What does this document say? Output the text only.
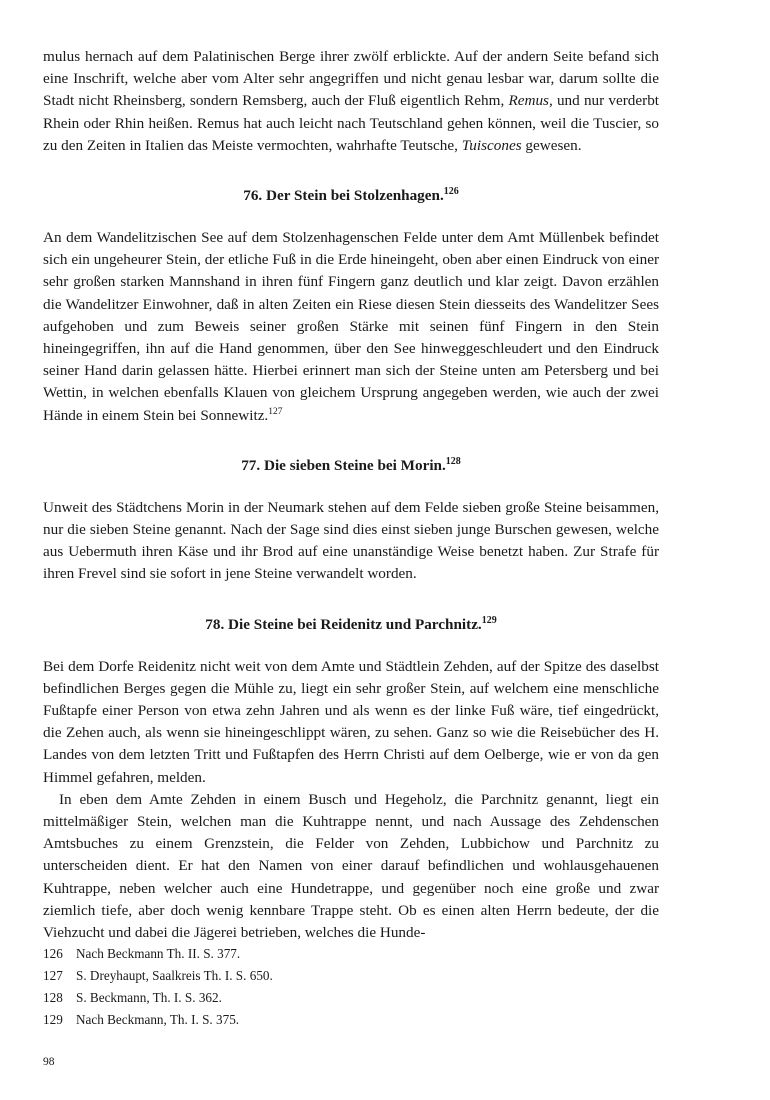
mulus hernach auf dem Palatinischen Berge ihrer zwölf erblickte. Auf der andern Seite befand sich eine Inschrift, welche aber vom Alter sehr angegriffen und nicht genau lesbar war, darum sollte die Stadt nicht Rheinsberg, sondern Remsberg, auch der Fluß eigentlich Rehm, Remus, und nur verderbt Rhein oder Rhin heißen. Remus hat auch leicht nach Teutschland gehen können, weil die Tuscier, so zu den Zeiten in Italien das Meiste vermochten, wahrhafte Teutsche, Tuiscones gewesen.

76. Der Stein bei Stolzenhagen.$^{126}$

An dem Wandelitzischen See auf dem Stolzenhagenschen Felde unter dem Amt Müllenbek befindet sich ein ungeheurer Stein, der etliche Fuß in die Erde hineingeht, oben aber einen Eindruck von einer sehr großen starken Mannshand in ihren fünf Fingern ganz deutlich und klar zeigt. Davon erzählen die Wandelitzer Einwohner, daß in alten Zeiten ein Riese diesen Stein diesseits des Wandelitzer Sees aufgehoben und zum Beweis seiner großen Stärke mit seinen fünf Fingern in den Stein hineingegriffen, ihn auf die Hand genommen, über den See hinweggeschleudert und den Eindruck seiner Hand darin gelassen hätte. Hierbei erinnert man sich der Steine unten am Petersberg und bei Wettin, in welchen ebenfalls Klauen von gleichem Ursprung angegeben werden, wie auch der zwei Hände in einem Stein bei Sonnewitz.$^{127}$

77. Die sieben Steine bei Morin.$^{128}$

Unweit des Städtchens Morin in der Neumark stehen auf dem Felde sieben große Steine beisammen, nur die sieben Steine genannt. Nach der Sage sind dies einst sieben junge Burschen gewesen, welche aus Uebermuth ihren Käse und ihr Brod auf eine unanständige Weise benetzt haben. Zur Strafe für ihren Frevel sind sie sofort in jene Steine verwandelt worden.

78. Die Steine bei Reidenitz und Parchnitz.$^{129}$

Bei dem Dorfe Reidenitz nicht weit von dem Amte und Städtlein Zehden, auf der Spitze des daselbst befindlichen Berges gegen die Mühle zu, liegt ein sehr großer Stein, auf welchem eine menschliche Fußtapfe einer Person von etwa zehn Jahren und als wenn es der linke Fuß wäre, tief eingedrückt, die Zehen auch, als wenn sie hineingeschlippt wären, zu sehen. Ganz so wie die Reisebücher des H. Landes von dem letzten Tritt und Fußtapfen des Herrn Christi auf dem Oelberge, wie er von da gen Himmel gefahren, melden.

In eben dem Amte Zehden in einem Busch und Hegeholz, die Parchnitz genannt, liegt ein mittelmäßiger Stein, welchen man die Kuhtrappe nennt, und nach Aussage des Zehdenschen Amtsbuches zu einem Grenzstein, die Felder von Zehden, Lubbichow und Parchnitz zu unterscheiden dient. Er hat den Namen von einer darauf befindlichen und wohlausgehauenen Kuhtrappe, neben welcher auch eine Hundetrappe, und gegenüber noch eine große und zwar ziemlich tiefe, aber doch wenig kennbare Trappe steht. Ob es einen alten Herrn bedeute, der die Viehzucht und dabei die Jägerei betrieben, welches die Hunde-

126	Nach Beckmann Th. II. S. 377.
127	S. Dreyhaupt, Saalkreis Th. I. S. 650.
128	S. Beckmann, Th. I. S. 362.
129	Nach Beckmann, Th. I. S. 375.
98
